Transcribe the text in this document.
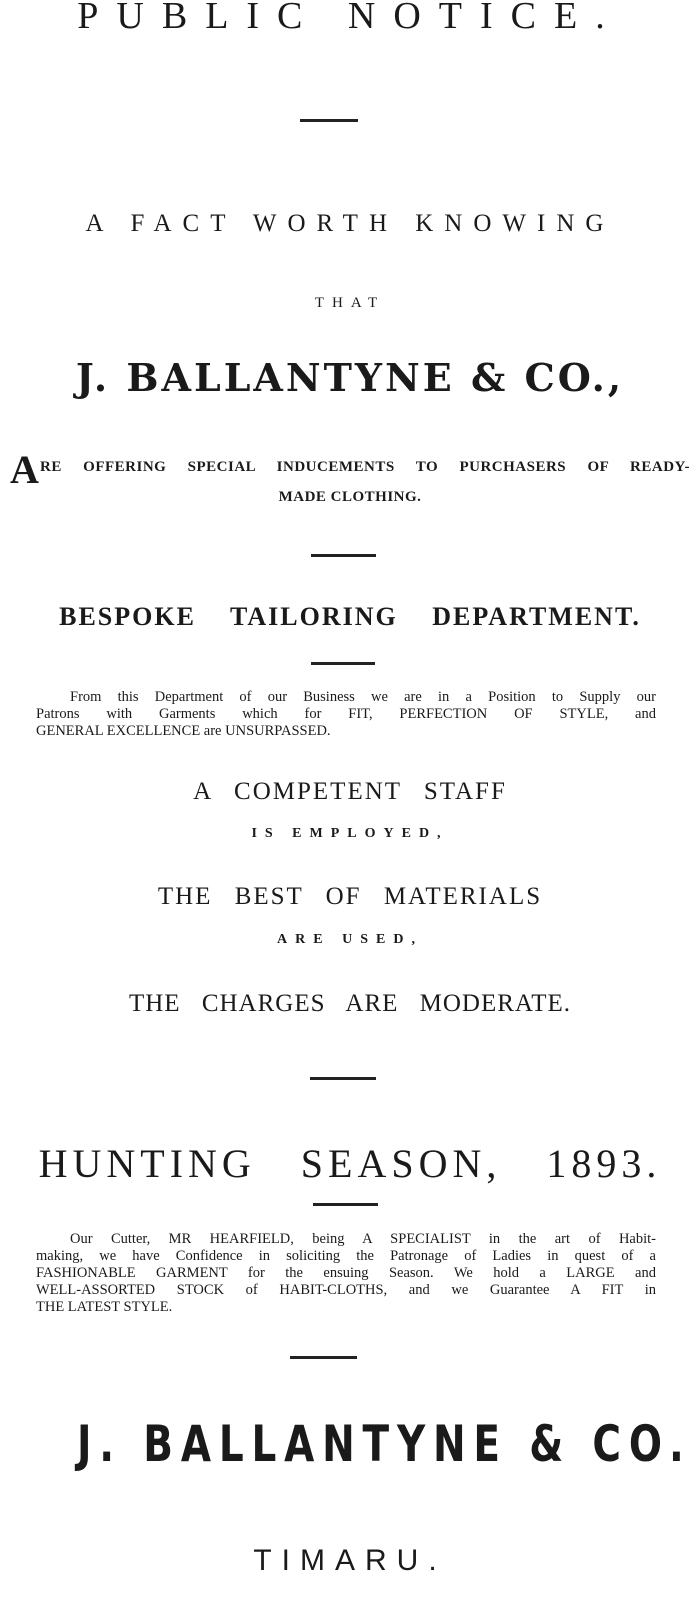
PUBLIC NOTICE.
A FACT WORTH KNOWING
THAT
J. BALLANTYNE & CO.,
A RE OFFERING SPECIAL INDUCEMENTS TO PURCHASERS OF READY-
MADE CLOTHING.
BESPOKE TAILORING DEPARTMENT.
From this Department of our Business we are in a Position to Supply our
Patrons with Garments which for FIT, PERFECTION OF STYLE, and
GENERAL EXCELLENCE are UNSURPASSED.
A COMPETENT STAFF
IS EMPLOYED,
THE BEST OF MATERIALS
ARE USED,
THE CHARGES ARE MODERATE.
HUNTING SEASON, 1893.
Our Cutter, MR HEARFIELD, being A SPECIALIST in the art of Habit-
making, we have Confidence in soliciting the Patronage of Ladies in quest of a
FASHIONABLE GARMENT for the ensuing Season. We hold a LARGE and
WELL-ASSORTED STOCK of HABIT-CLOTHS, and we Guarantee A FIT in
THE LATEST STYLE.
J. BALLANTYNE & CO.
TIMARU.
